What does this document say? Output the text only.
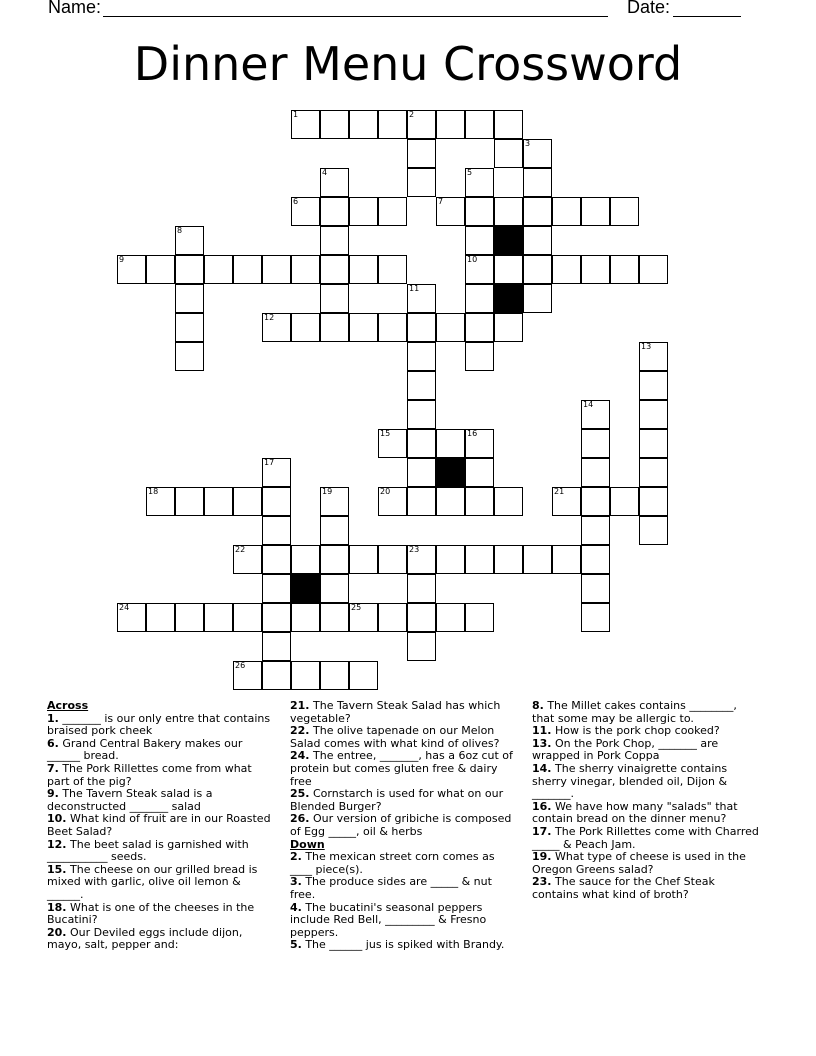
Name:	Date:
Dinner Menu Crossword
1	2
3
4	5
6	7
8
9	10
11
12
13
14
15	16
17
18	19	20	21
22	23
24	25
26

Across

1. _______ is our only entre that contains braised pork cheek

6. Grand Central Bakery makes our ______ bread.

7. The Pork Rillettes come from what part of the pig?

9. The Tavern Steak salad is a deconstructed _______ salad

10. What kind of fruit are in our Roasted Beet Salad?

12. The beet salad is garnished with ___________ seeds.

15. The cheese on our grilled bread is mixed with garlic, olive oil lemon & ______.

18. What is one of the cheeses in the Bucatini?

20. Our Deviled eggs include dijon, mayo, salt, pepper and:

21. The Tavern Steak Salad has which vegetable?

22. The olive tapenade on our Melon Salad comes with what kind of olives?

24. The entree, _______, has a 6oz cut of protein but comes gluten free & dairy free

25. Cornstarch is used for what on our Blended Burger?

26. Our version of gribiche is composed of Egg _____, oil & herbs

Down

2. The mexican street corn comes as ____ piece(s).

3. The produce sides are _____ & nut free.

4. The bucatini's seasonal peppers include Red Bell, _________ & Fresno peppers.

5. The ______ jus is spiked with Brandy.

8. The Millet cakes contains ________, that some may be allergic to.

11. How is the pork chop cooked?

13. On the Pork Chop, _______ are wrapped in Pork Coppa

14. The sherry vinaigrette contains sherry vinegar, blended oil, Dijon & _______.

16. We have how many "salads" that contain bread on the dinner menu?

17. The Pork Rillettes come with Charred _____ & Peach Jam.

19. What type of cheese is used in the Oregon Greens salad?

23. The sauce for the Chef Steak contains what kind of broth?
